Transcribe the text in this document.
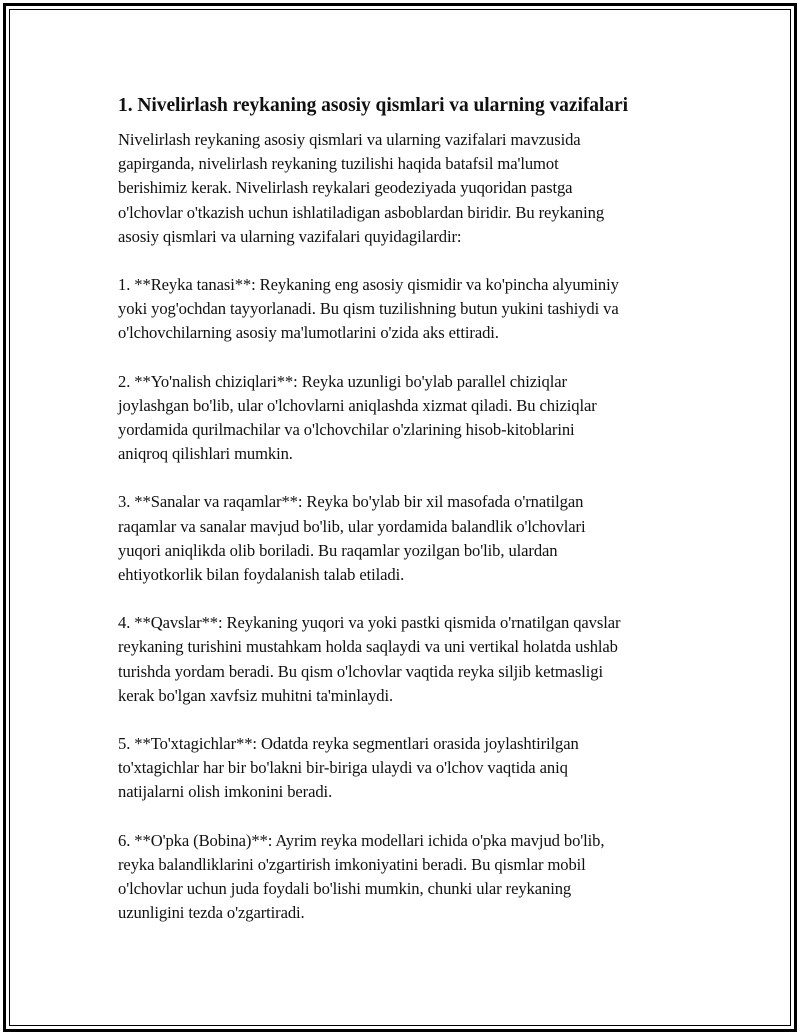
1. Nivelirlash reykaning asosiy qismlari va ularning vazifalari

Nivelirlash reykaning asosiy qismlari va ularning vazifalari mavzusida
gapirganda, nivelirlash reykaning tuzilishi haqida batafsil ma'lumot
berishimiz kerak. Nivelirlash reykalari geodeziyada yuqoridan pastga
o'lchovlar o'tkazish uchun ishlatiladigan asboblardan biridir. Bu reykaning
asosiy qismlari va ularning vazifalari quyidagilardir:

1. **Reyka tanasi**: Reykaning eng asosiy qismidir va ko'pincha alyuminiy
yoki yog'ochdan tayyorlanadi. Bu qism tuzilishning butun yukini tashiydi va
o'lchovchilarning asosiy ma'lumotlarini o'zida aks ettiradi.

2. **Yo'nalish chiziqlari**: Reyka uzunligi bo'ylab parallel chiziqlar
joylashgan bo'lib, ular o'lchovlarni aniqlashda xizmat qiladi. Bu chiziqlar
yordamida qurilmachilar va o'lchovchilar o'zlarining hisob-kitoblarini
aniqroq qilishlari mumkin.

3. **Sanalar va raqamlar**: Reyka bo'ylab bir xil masofada o'rnatilgan
raqamlar va sanalar mavjud bo'lib, ular yordamida balandlik o'lchovlari
yuqori aniqlikda olib boriladi. Bu raqamlar yozilgan bo'lib, ulardan
ehtiyotkorlik bilan foydalanish talab etiladi.

4. **Qavslar**: Reykaning yuqori va yoki pastki qismida o'rnatilgan qavslar
reykaning turishini mustahkam holda saqlaydi va uni vertikal holatda ushlab
turishda yordam beradi. Bu qism o'lchovlar vaqtida reyka siljib ketmasligi
kerak bo'lgan xavfsiz muhitni ta'minlaydi.

5. **To'xtagichlar**: Odatda reyka segmentlari orasida joylashtirilgan
to'xtagichlar har bir bo'lakni bir-biriga ulaydi va o'lchov vaqtida aniq
natijalarni olish imkonini beradi.

6. **O'pka (Bobina)**: Ayrim reyka modellari ichida o'pka mavjud bo'lib,
reyka balandliklarini o'zgartirish imkoniyatini beradi. Bu qismlar mobil
o'lchovlar uchun juda foydali bo'lishi mumkin, chunki ular reykaning
uzunligini tezda o'zgartiradi.
